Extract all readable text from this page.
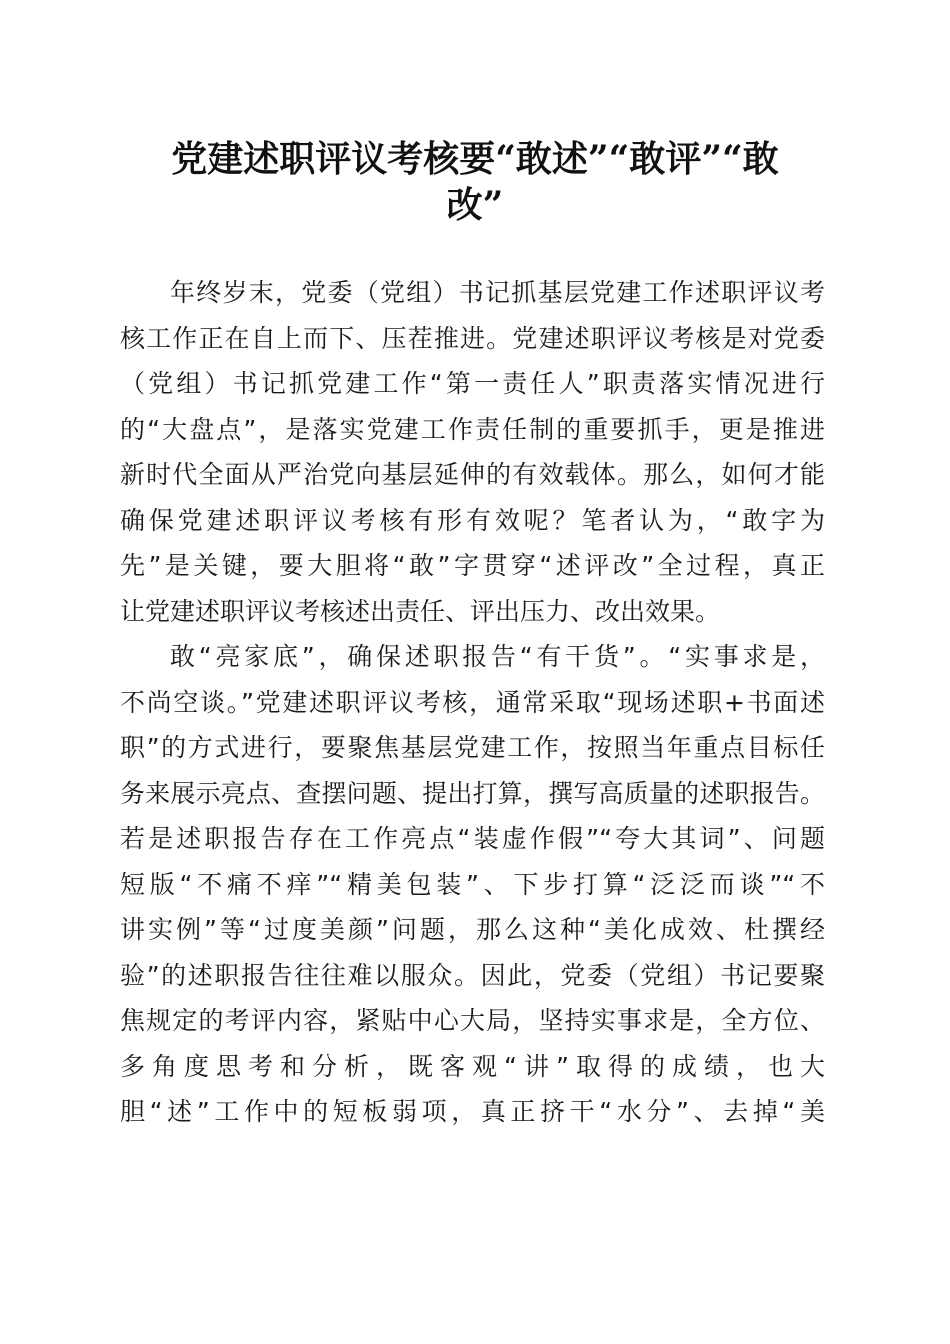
党建述职评议考核要“敢述”“敢评”“敢
改”
年终岁末，党委（党组）书记抓基层党建工作述职评议考
核工作正在自上而下、压茬推进。党建述职评议考核是对党委
（党组）书记抓党建工作“第一责任人”职责落实情况进行
的“大盘点”，是落实党建工作责任制的重要抓手，更是推进
新时代全面从严治党向基层延伸的有效载体。那么，如何才能
确保党建述职评议考核有形有效呢？笔者认为，“敢字为
先”是关键，要大胆将“敢”字贯穿“述评改”全过程，真正
让党建述职评议考核述出责任、评出压力、改出效果。
敢“亮家底”，确保述职报告“有干货”。“实事求是，
不尚空谈。”党建述职评议考核，通常采取“现场述职+书面述
职”的方式进行，要聚焦基层党建工作，按照当年重点目标任
务来展示亮点、查摆问题、提出打算，撰写高质量的述职报告。
若是述职报告存在工作亮点“装虚作假”“夸大其词”、问题
短版“不痛不痒”“精美包装”、下步打算“泛泛而谈”“不
讲实例”等“过度美颜”问题，那么这种“美化成效、杜撰经
验”的述职报告往往难以服众。因此，党委（党组）书记要聚
焦规定的考评内容，紧贴中心大局，坚持实事求是，全方位、
多角度思考和分析，既客观“讲”取得的成绩，也大
胆“述”工作中的短板弱项，真正挤干“水分”、去掉“美
